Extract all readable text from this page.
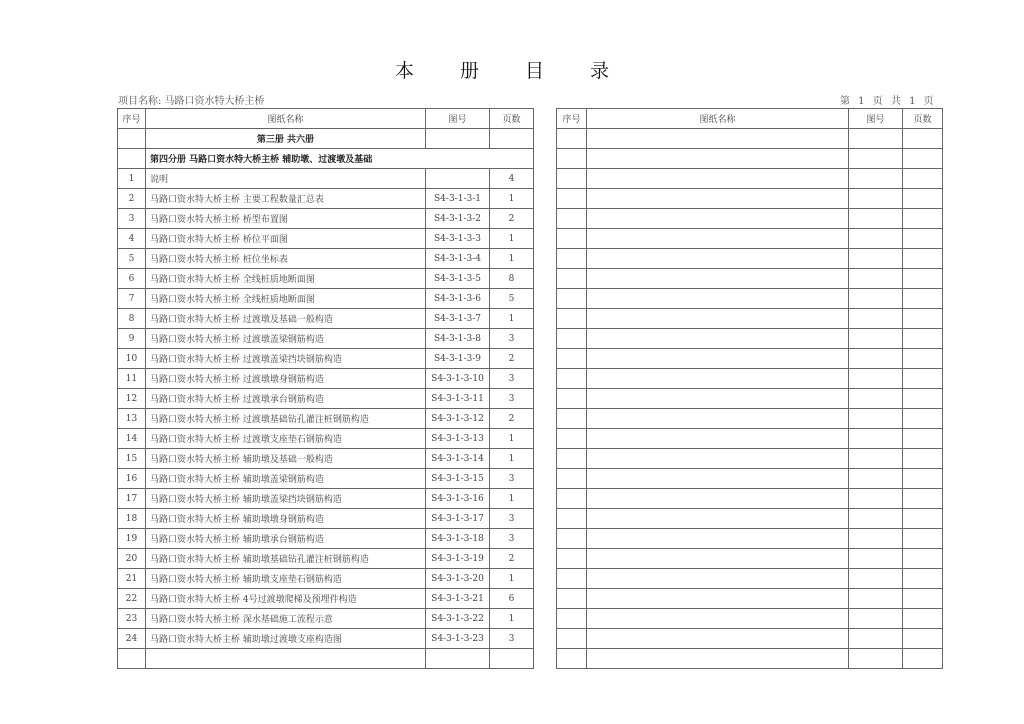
本 册 目 录
项目名称: 马路口资水特大桥主桥	第 1 页 共 1 页
序号	图纸名称	图号	页数
	第三册 共六册		
	第四分册 马路口资水特大桥主桥 辅助墩、过渡墩及基础		
1	说明		4
2	马路口资水特大桥主桥 主要工程数量汇总表	S4-3-1-3-1	1
3	马路口资水特大桥主桥 桥型布置图	S4-3-1-3-2	2
4	马路口资水特大桥主桥 桥位平面图	S4-3-1-3-3	1
5	马路口资水特大桥主桥 桩位坐标表	S4-3-1-3-4	1
6	马路口资水特大桥主桥 全线桩质地断面图	S4-3-1-3-5	8
7	马路口资水特大桥主桥 全线桩质地断面图	S4-3-1-3-6	5
8	马路口资水特大桥主桥 过渡墩及基础一般构造	S4-3-1-3-7	1
9	马路口资水特大桥主桥 过渡墩盖梁钢筋构造	S4-3-1-3-8	3
10	马路口资水特大桥主桥 过渡墩盖梁挡块钢筋构造	S4-3-1-3-9	2
11	马路口资水特大桥主桥 过渡墩墩身钢筋构造	S4-3-1-3-10	3
12	马路口资水特大桥主桥 过渡墩承台钢筋构造	S4-3-1-3-11	3
13	马路口资水特大桥主桥 过渡墩基础钻孔灌注桩钢筋构造	S4-3-1-3-12	2
14	马路口资水特大桥主桥 过渡墩支座垫石钢筋构造	S4-3-1-3-13	1
15	马路口资水特大桥主桥 辅助墩及基础一般构造	S4-3-1-3-14	1
16	马路口资水特大桥主桥 辅助墩盖梁钢筋构造	S4-3-1-3-15	3
17	马路口资水特大桥主桥 辅助墩盖梁挡块钢筋构造	S4-3-1-3-16	1
18	马路口资水特大桥主桥 辅助墩墩身钢筋构造	S4-3-1-3-17	3
19	马路口资水特大桥主桥 辅助墩承台钢筋构造	S4-3-1-3-18	3
20	马路口资水特大桥主桥 辅助墩基础钻孔灌注桩钢筋构造	S4-3-1-3-19	2
21	马路口资水特大桥主桥 辅助墩支座垫石钢筋构造	S4-3-1-3-20	1
22	马路口资水特大桥主桥 4号过渡墩爬梯及预埋件构造	S4-3-1-3-21	6
23	马路口资水特大桥主桥 深水基础施工流程示意	S4-3-1-3-22	1
24	马路口资水特大桥主桥 辅助墩过渡墩支座构造图	S4-3-1-3-23	3

序号	图纸名称	图号	页数
